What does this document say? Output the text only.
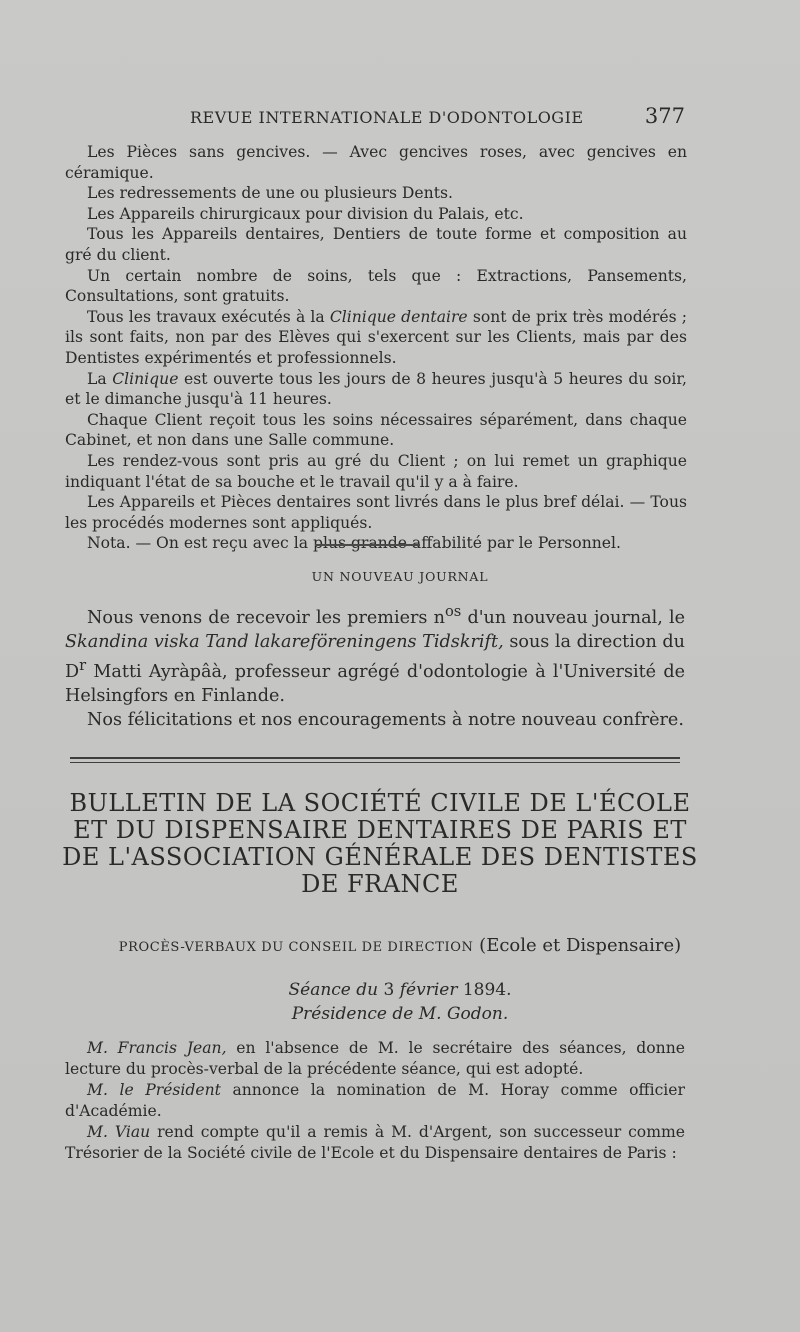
REVUE INTERNATIONALE D'ODONTOLOGIE	377

Les Pièces sans gencives. — Avec gencives roses, avec gencives en céramique.

Les redressements de une ou plusieurs Dents.

Les Appareils chirurgicaux pour division du Palais, etc.

Tous les Appareils dentaires, Dentiers de toute forme et composition au gré du client.

Un certain nombre de soins, tels que : Extractions, Pansements, Consultations, sont gratuits.

Tous les travaux exécutés à la Clinique dentaire sont de prix très modérés ; ils sont faits, non par des Elèves qui s'exercent sur les Clients, mais par des Dentistes expérimentés et professionnels.

La Clinique est ouverte tous les jours de 8 heures jusqu'à 5 heures du soir, et le dimanche jusqu'à 11 heures.

Chaque Client reçoit tous les soins nécessaires séparément, dans chaque Cabinet, et non dans une Salle commune.

Les rendez-vous sont pris au gré du Client ; on lui remet un graphique indiquant l'état de sa bouche et le travail qu'il y a à faire.

Les Appareils et Pièces dentaires sont livrés dans le plus bref délai. — Tous les procédés modernes sont appliqués.

Nota. — On est reçu avec la plus grande affabilité par le Personnel.

UN NOUVEAU JOURNAL

Nous venons de recevoir les premiers $n^{os}$ d'un nouveau journal, le Skandina viska Tand lakareföreningens Tidskrift, sous la direction du $D^r$ Matti Ayràpâà, professeur agrégé d'odontologie à l'Université de Helsingfors en Finlande.

Nos félicitations et nos encouragements à notre nouveau confrère.

BULLETIN DE LA SOCIÉTÉ CIVILE DE L'ÉCOLE ET DU DISPENSAIRE DENTAIRES DE PARIS ET DE L'ASSOCIATION GÉNÉRALE DES DENTISTES DE FRANCE
PROCÈS-VERBAUX DU CONSEIL DE DIRECTION (Ecole et Dispensaire)
Séance du 3 février 1894.
Présidence de M. Godon.

M. Francis Jean, en l'absence de M. le secrétaire des séances, donne lecture du procès-verbal de la précédente séance, qui est adopté.

M. le Président annonce la nomination de M. Horay comme officier d'Académie.

M. Viau rend compte qu'il a remis à M. d'Argent, son successeur comme Trésorier de la Société civile de l'Ecole et du Dispensaire dentaires de Paris :
